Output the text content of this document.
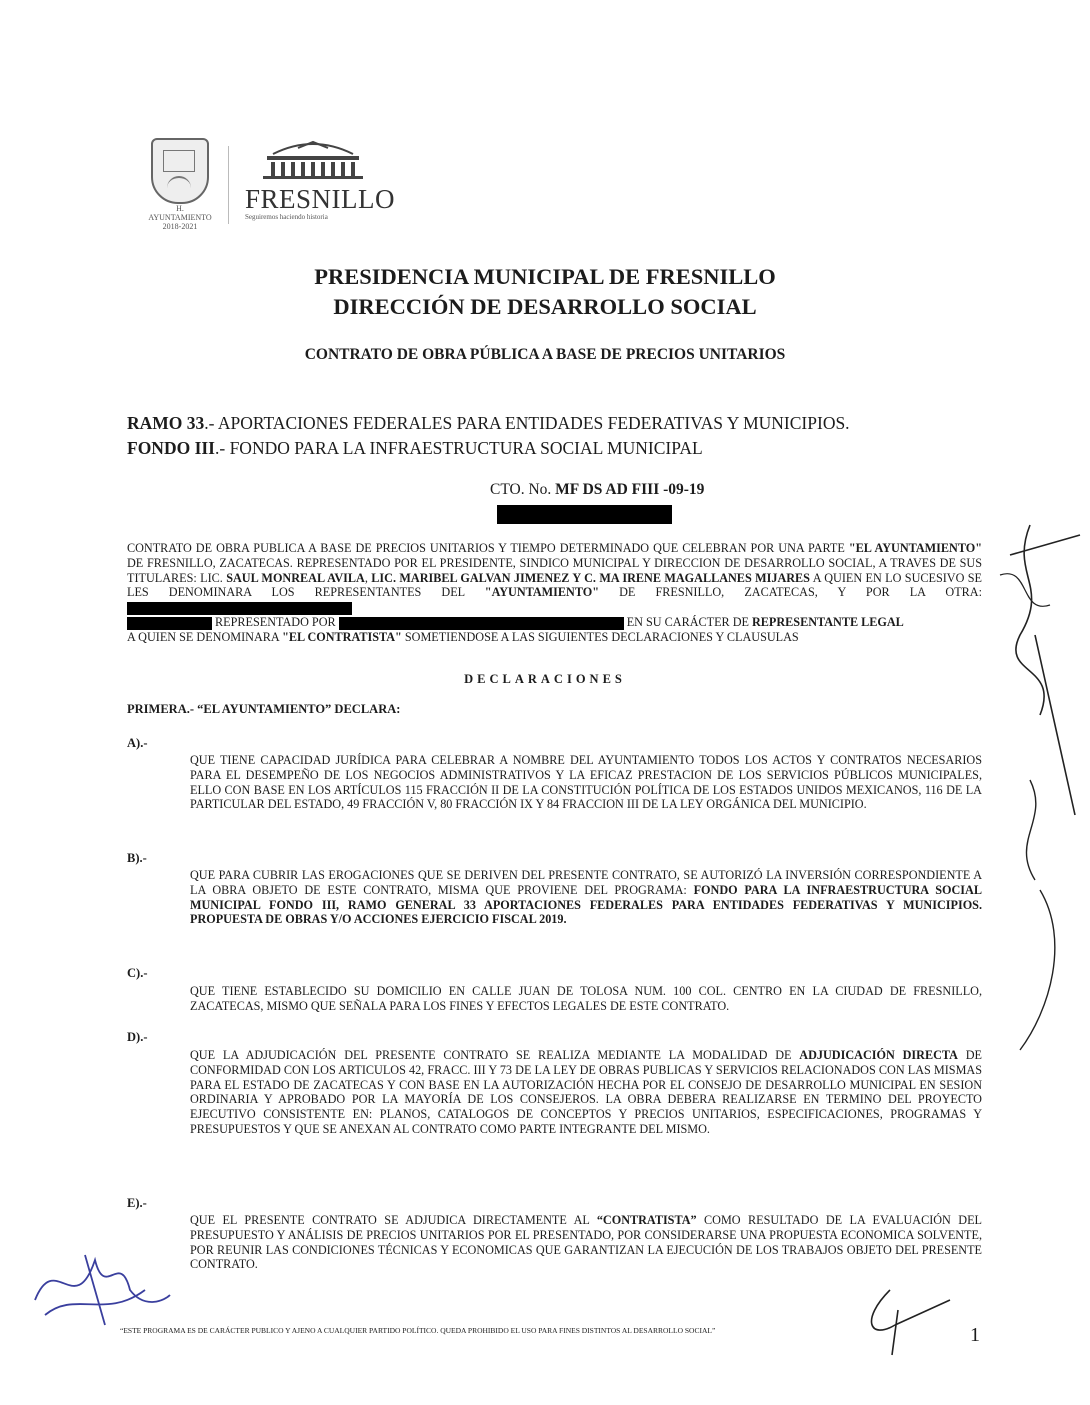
H. AYUNTAMIENTO
2018-2021
FRESNILLO
Seguiremos haciendo historia
PRESIDENCIA MUNICIPAL DE FRESNILLO
DIRECCIÓN DE DESARROLLO SOCIAL
CONTRATO DE OBRA PÚBLICA A BASE DE PRECIOS UNITARIOS
RAMO 33.- APORTACIONES FEDERALES PARA ENTIDADES FEDERATIVAS Y MUNICIPIOS.
FONDO III.- FONDO PARA LA INFRAESTRUCTURA SOCIAL MUNICIPAL
CTO. No. MF DS AD FIII -09-19
CONTRATO DE OBRA PUBLICA A BASE DE PRECIOS UNITARIOS Y TIEMPO DETERMINADO QUE CELEBRAN POR UNA PARTE "EL AYUNTAMIENTO" DE FRESNILLO, ZACATECAS. REPRESENTADO POR EL PRESIDENTE, SINDICO MUNICIPAL Y DIRECCION DE DESARROLLO SOCIAL, A TRAVES DE SUS TITULARES: LIC. SAUL MONREAL AVILA, LIC. MARIBEL GALVAN JIMENEZ Y C. MA IRENE MAGALLANES MIJARES A QUIEN EN LO SUCESIVO SE LES DENOMINARA LOS REPRESENTANTES DEL "AYUNTAMIENTO" DE FRESNILLO, ZACATECAS, Y POR LA OTRA:
REPRESENTADO POR	EN SU CARÁCTER DE REPRESENTANTE LEGAL
A QUIEN SE DENOMINARA "EL CONTRATISTA" SOMETIENDOSE A LAS SIGUIENTES DECLARACIONES Y CLAUSULAS
DECLARACIONES
PRIMERA.- “EL AYUNTAMIENTO” DECLARA:
A).-
QUE TIENE CAPACIDAD JURÍDICA PARA CELEBRAR A NOMBRE DEL AYUNTAMIENTO TODOS LOS ACTOS Y CONTRATOS NECESARIOS PARA EL DESEMPEÑO DE LOS NEGOCIOS ADMINISTRATIVOS Y LA EFICAZ PRESTACION DE LOS SERVICIOS PÚBLICOS MUNICIPALES, ELLO CON BASE EN LOS ARTÍCULOS 115 FRACCIÓN II DE LA CONSTITUCIÓN POLÍTICA DE LOS ESTADOS UNIDOS MEXICANOS, 116 DE LA PARTICULAR DEL ESTADO, 49 FRACCIÓN V, 80 FRACCIÓN IX Y 84 FRACCION III DE LA LEY ORGÁNICA DEL MUNICIPIO.
B).-
QUE PARA CUBRIR LAS EROGACIONES QUE SE DERIVEN DEL PRESENTE CONTRATO, SE AUTORIZÓ LA INVERSIÓN CORRESPONDIENTE A LA OBRA OBJETO DE ESTE CONTRATO, MISMA QUE PROVIENE DEL PROGRAMA: FONDO PARA LA INFRAESTRUCTURA SOCIAL MUNICIPAL FONDO III, RAMO GENERAL 33 APORTACIONES FEDERALES PARA ENTIDADES FEDERATIVAS Y MUNICIPIOS. PROPUESTA DE OBRAS Y/O ACCIONES EJERCICIO FISCAL 2019.
C).-
QUE TIENE ESTABLECIDO SU DOMICILIO EN CALLE JUAN DE TOLOSA NUM. 100 COL. CENTRO EN LA CIUDAD DE FRESNILLO, ZACATECAS, MISMO QUE SEÑALA PARA LOS FINES Y EFECTOS LEGALES DE ESTE CONTRATO.
D).-
QUE LA ADJUDICACIÓN DEL PRESENTE CONTRATO SE REALIZA MEDIANTE LA MODALIDAD DE ADJUDICACIÓN DIRECTA DE CONFORMIDAD CON LOS ARTICULOS 42, FRACC. III Y 73 DE LA LEY DE OBRAS PUBLICAS Y SERVICIOS RELACIONADOS CON LAS MISMAS PARA EL ESTADO DE ZACATECAS Y CON BASE EN LA AUTORIZACIÓN HECHA POR EL CONSEJO DE DESARROLLO MUNICIPAL EN SESION ORDINARIA Y APROBADO POR LA MAYORÍA DE LOS CONSEJEROS. LA OBRA DEBERA REALIZARSE EN TERMINO DEL PROYECTO EJECUTIVO CONSISTENTE EN: PLANOS, CATALOGOS DE CONCEPTOS Y PRECIOS UNITARIOS, ESPECIFICACIONES, PROGRAMAS Y PRESUPUESTOS Y QUE SE ANEXAN AL CONTRATO COMO PARTE INTEGRANTE DEL MISMO.
E).-
QUE EL PRESENTE CONTRATO SE ADJUDICA DIRECTAMENTE AL “CONTRATISTA” COMO RESULTADO DE LA EVALUACIÓN DEL PRESUPUESTO Y ANÁLISIS DE PRECIOS UNITARIOS POR EL PRESENTADO, POR CONSIDERARSE UNA PROPUESTA ECONOMICA SOLVENTE, POR REUNIR LAS CONDICIONES TÉCNICAS Y ECONOMICAS QUE GARANTIZAN LA EJECUCIÓN DE LOS TRABAJOS OBJETO DEL PRESENTE CONTRATO.
“ESTE PROGRAMA ES DE CARÁCTER PUBLICO Y AJENO A CUALQUIER PARTIDO POLÍTICO. QUEDA PROHIBIDO EL USO PARA FINES DISTINTOS AL DESARROLLO SOCIAL”	1
